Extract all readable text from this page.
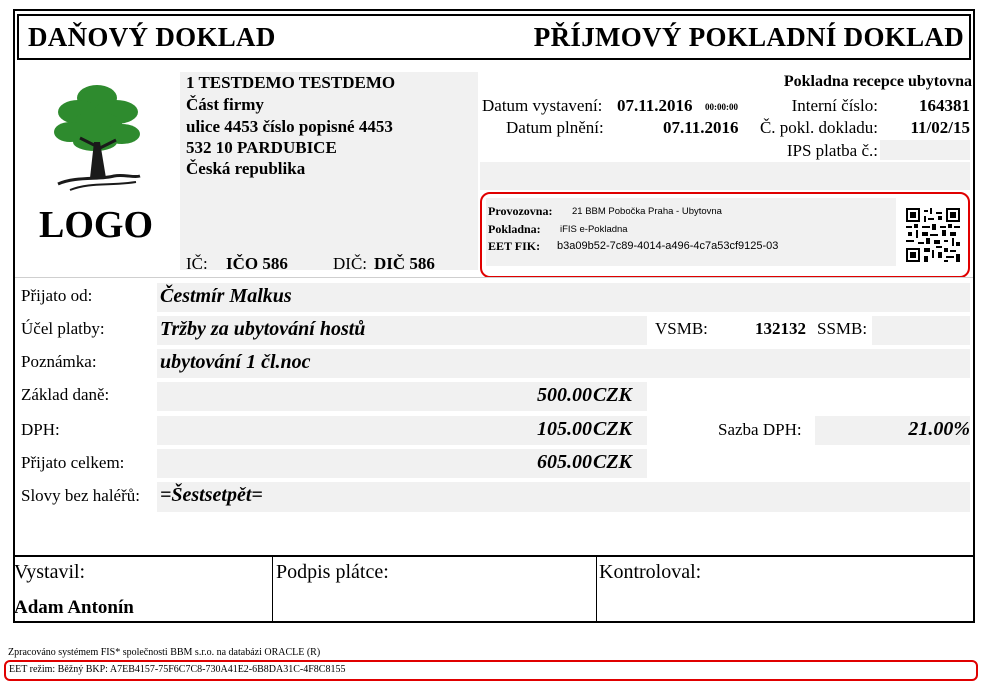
DAŇOVÝ DOKLAD	PŘÍJMOVÝ POKLADNÍ DOKLAD
LOGO
1 TESTDEMO TESTDEMO
Část firmy
ulice 4453 číslo popisné 4453
532 10 PARDUBICE
Česká republika
IČ: IČO 586	DIČ: DIČ 586
Pokladna recepce ubytovna
Datum vystavení: 07.11.2016 00:00:00
Datum plnění:	07.11.2016
Interní číslo: 164381
Č. pokl. dokladu: 11/02/15
IPS platba č.:
Provozovna: 21 BBM Pobočka Praha - Ubytovna
Pokladna: iFIS e-Pokladna
EET FIK: b3a09b52-7c89-4014-a496-4c7a53cf9125-03
Přijato od:	Čestmír Malkus
Účel platby:	Tržby za ubytování hostů	VSMB:	132132 SSMB:
Poznámka:	ubytování 1 čl.noc
Základ daně:	500.00 CZK
DPH:	105.00 CZK	Sazba DPH:	21.00%
Přijato celkem:	605.00 CZK
Slovy bez haléřů: =Šestsetpět=
Vystavil:
Adam Antonín
Podpis plátce:	Kontroloval:
Zpracováno systémem FIS* společnosti BBM s.r.o. na databázi ORACLE (R)
EET režim: Běžný BKP: A7EB4157-75F6C7C8-730A41E2-6B8DA31C-4F8C8155
